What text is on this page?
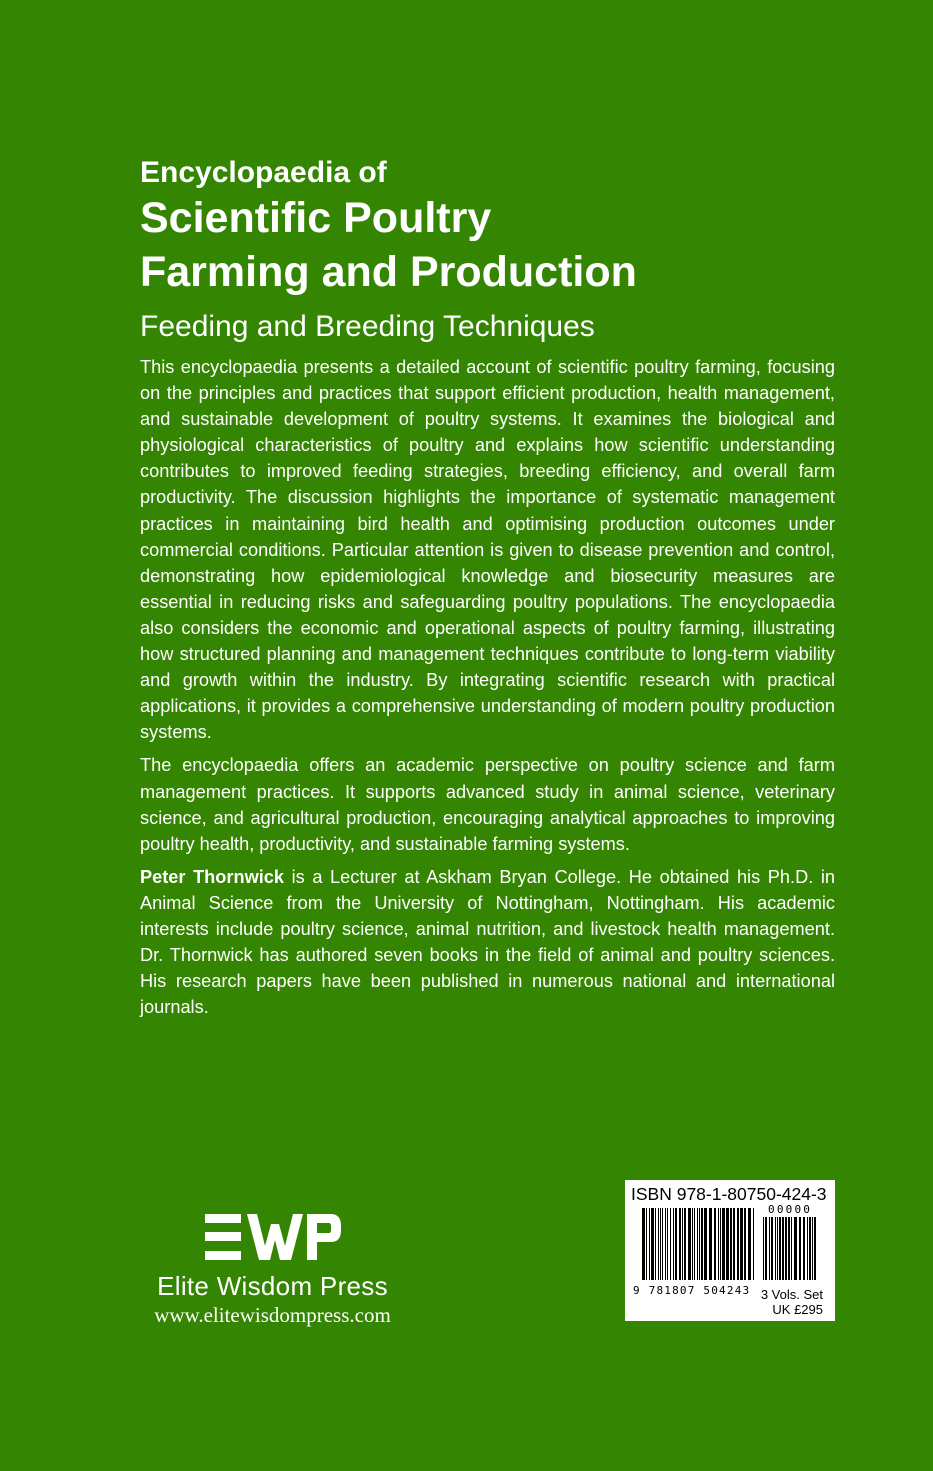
Encyclopaedia of
Scientific Poultry
Farming and Production
Feeding and Breeding Techniques

This encyclopaedia presents a detailed account of scientific poultry farming, focusing on the principles and practices that support efficient production, health management, and sustainable development of poultry systems. It examines the biological and physiological characteristics of poultry and explains how scientific understanding contributes to improved feeding strategies, breeding efficiency, and overall farm productivity. The discussion highlights the importance of systematic management practices in maintaining bird health and optimising production outcomes under commercial conditions. Particular attention is given to disease prevention and control, demonstrating how epidemiological knowledge and biosecurity measures are essential in reducing risks and safeguarding poultry populations. The encyclopaedia also considers the economic and operational aspects of poultry farming, illustrating how structured planning and management techniques contribute to long-term viability and growth within the industry. By integrating scientific research with practical applications, it provides a comprehensive understanding of modern poultry production systems.

The encyclopaedia offers an academic perspective on poultry science and farm management practices. It supports advanced study in animal science, veterinary science, and agricultural production, encouraging analytical approaches to improving poultry health, productivity, and sustainable farming systems.

Peter Thornwick is a Lecturer at Askham Bryan College. He obtained his Ph.D. in Animal Science from the University of Nottingham, Nottingham. His academic interests include poultry science, animal nutrition, and livestock health management. Dr. Thornwick has authored seven books in the field of animal and poultry sciences. His research papers have been published in numerous national and international journals.

Elite Wisdom Press
www.elitewisdompress.com
ISBN 978-1-80750-424-3
00000
9 781807 504243 3 Vols. Set
UK £295
